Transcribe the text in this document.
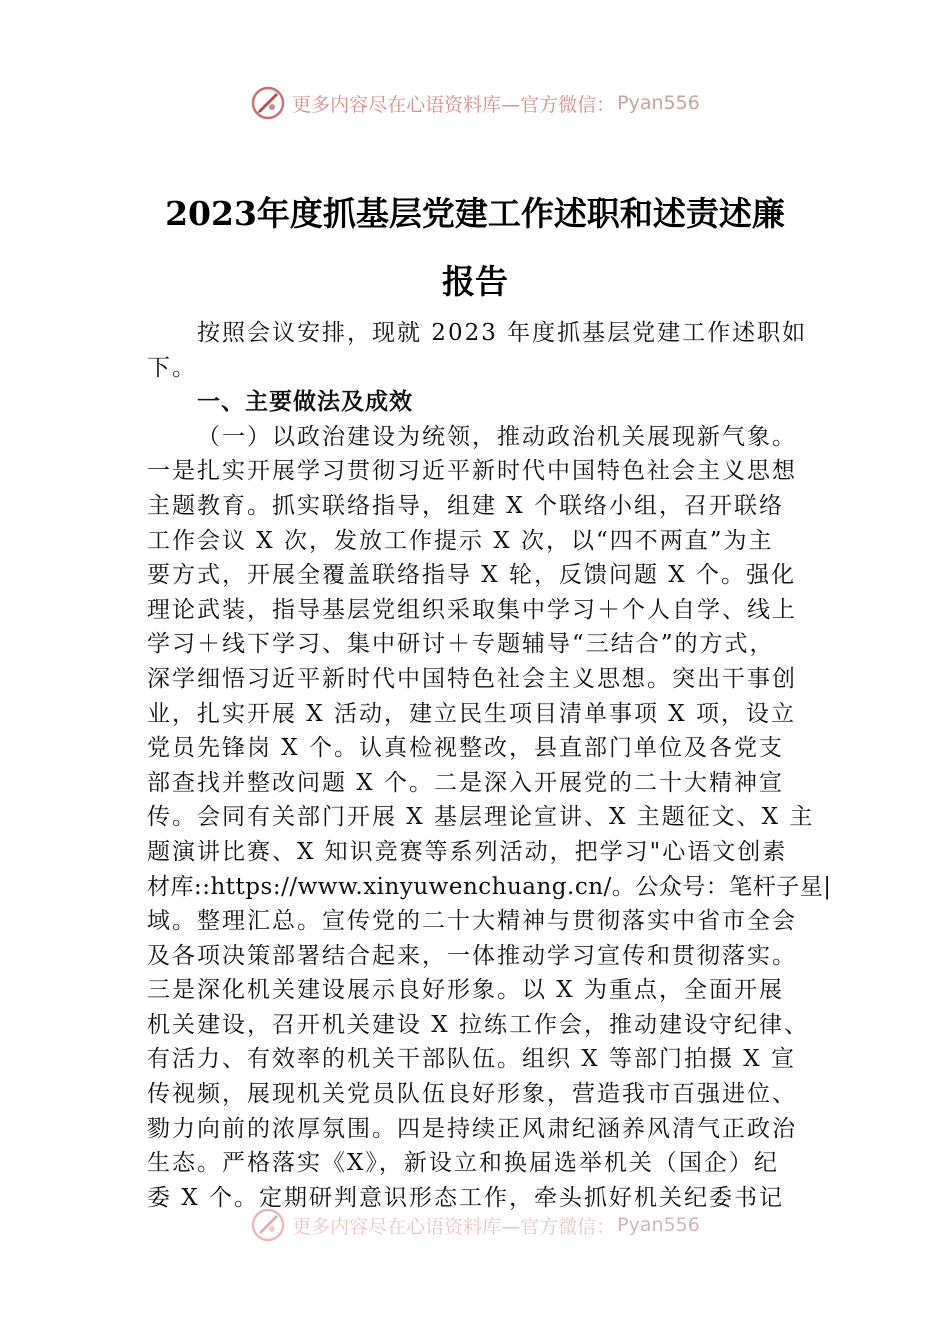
更多内容尽在心语资料库—官方微信： Pyan556
2023年度抓基层党建工作述职和述责述廉
报告
按照会议安排，现就 2023 年度抓基层党建工作述职如
下。
一、主要做法及成效
（一）以政治建设为统领，推动政治机关展现新气象。
一是扎实开展学习贯彻习近平新时代中国特色社会主义思想
主题教育。抓实联络指导，组建 X 个联络小组，召开联络
工作会议 X 次，发放工作提示 X 次，以“四不两直”为主
要方式，开展全覆盖联络指导 X 轮，反馈问题 X 个。强化
理论武装，指导基层党组织采取集中学习＋个人自学、线上
学习＋线下学习、集中研讨＋专题辅导“三结合”的方式，
深学细悟习近平新时代中国特色社会主义思想。突出干事创
业，扎实开展 X 活动，建立民生项目清单事项 X 项，设立
党员先锋岗 X 个。认真检视整改，县直部门单位及各党支
部查找并整改问题 X 个。二是深入开展党的二十大精神宣
传。会同有关部门开展 X 基层理论宣讲、X 主题征文、X 主
题演讲比赛、X 知识竞赛等系列活动，把学习"心语文创素
材库::https://www.xinyuwenchuang.cn/。公众号：笔杆子星|
域。整理汇总。宣传党的二十大精神与贯彻落实中省市全会
及各项决策部署结合起来，一体推动学习宣传和贯彻落实。
三是深化机关建设展示良好形象。以 X 为重点，全面开展
机关建设，召开机关建设 X 拉练工作会，推动建设守纪律、
有活力、有效率的机关干部队伍。组织 X 等部门拍摄 X 宣
传视频，展现机关党员队伍良好形象，营造我市百强进位、
勠力向前的浓厚氛围。四是持续正风肃纪涵养风清气正政治
生态。严格落实《X》，新设立和换届选举机关（国企）纪
委 X 个。定期研判意识形态工作，牵头抓好机关纪委书记
更多内容尽在心语资料库—官方微信： Pyan556
